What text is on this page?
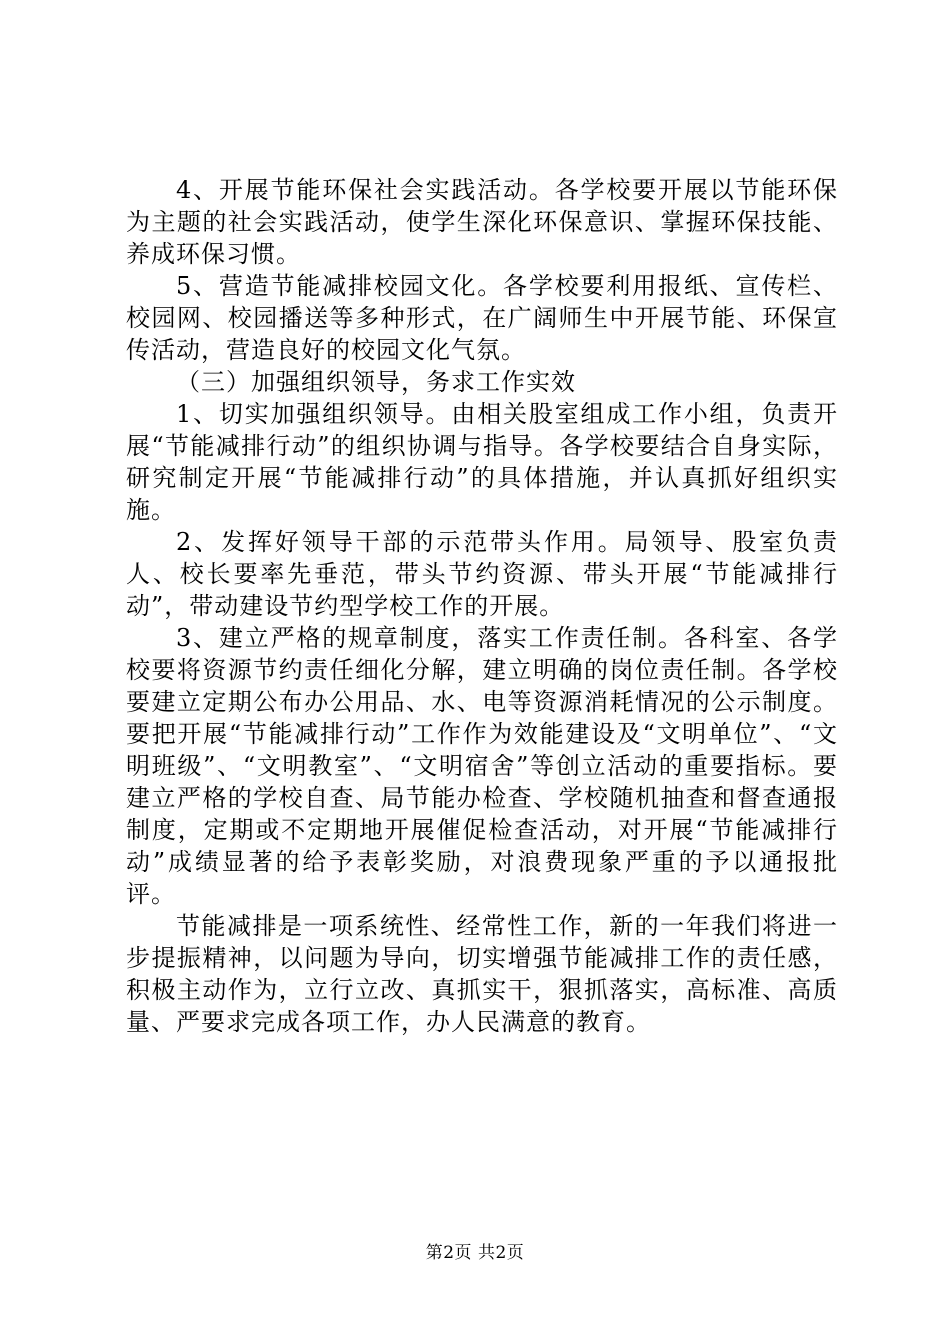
4、开展节能环保社会实践活动。各学校要开展以节能环保为主题的社会实践活动，使学生深化环保意识、掌握环保技能、养成环保习惯。

5、营造节能减排校园文化。各学校要利用报纸、宣传栏、校园网、校园播送等多种形式，在广阔师生中开展节能、环保宣传活动，营造良好的校园文化气氛。

（三）加强组织领导，务求工作实效

1、切实加强组织领导。由相关股室组成工作小组，负责开展“节能减排行动”的组织协调与指导。各学校要结合自身实际，研究制定开展“节能减排行动”的具体措施，并认真抓好组织实施。

2、发挥好领导干部的示范带头作用。局领导、股室负责人、校长要率先垂范，带头节约资源、带头开展“节能减排行动”，带动建设节约型学校工作的开展。

3、建立严格的规章制度，落实工作责任制。各科室、各学校要将资源节约责任细化分解，建立明确的岗位责任制。各学校要建立定期公布办公用品、水、电等资源消耗情况的公示制度。要把开展“节能减排行动”工作作为效能建设及“文明单位”、“文明班级”、“文明教室”、“文明宿舍”等创立活动的重要指标。要建立严格的学校自查、局节能办检查、学校随机抽查和督查通报制度，定期或不定期地开展催促检查活动，对开展“节能减排行动”成绩显著的给予表彰奖励，对浪费现象严重的予以通报批评。

节能减排是一项系统性、经常性工作，新的一年我们将进一步提振精神，以问题为导向，切实增强节能减排工作的责任感，积极主动作为，立行立改、真抓实干，狠抓落实，高标准、高质量、严要求完成各项工作，办人民满意的教育。

第2页 共2页
